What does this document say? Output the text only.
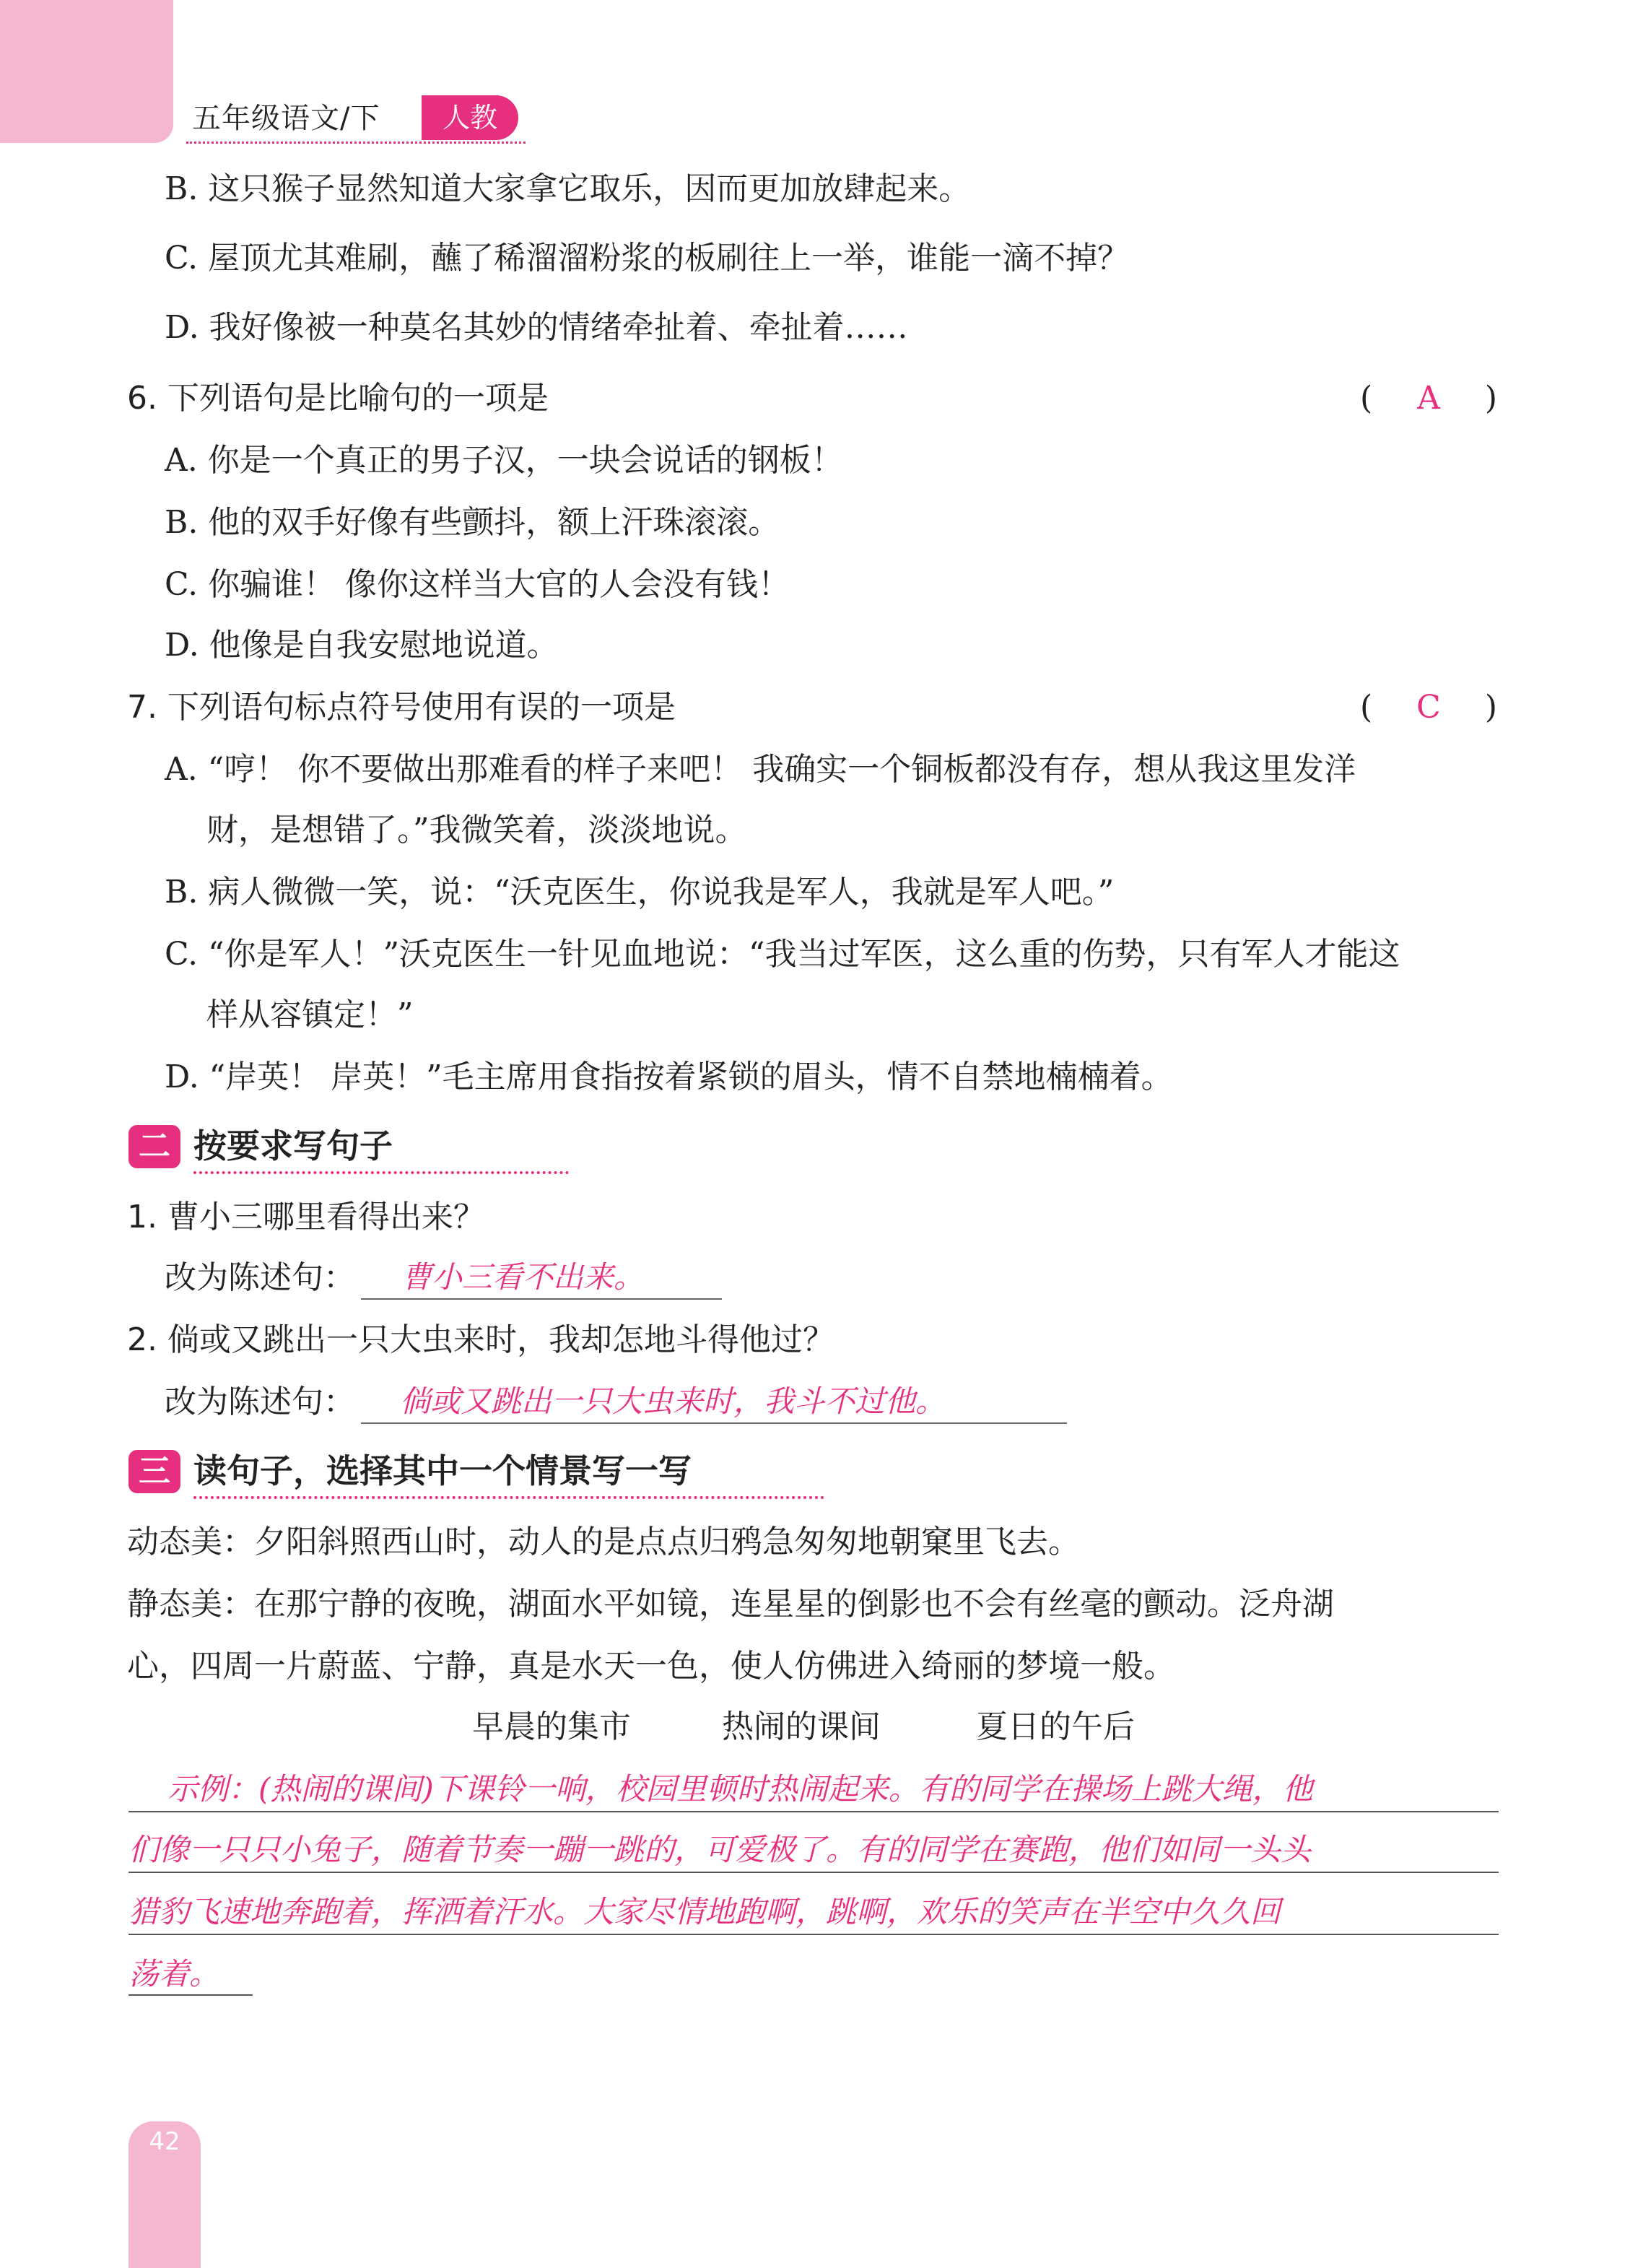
五年级语文/下	人教
B. 这只猴子显然知道大家拿它取乐，因而更加放肆起来。
C. 屋顶尤其难刷，蘸了稀溜溜粉浆的板刷往上一举，谁能一滴不掉？
D. 我好像被一种莫名其妙的情绪牵扯着、牵扯着……
6. 下列语句是比喻句的一项是	( A )
A. 你是一个真正的男子汉，一块会说话的钢板！
B. 他的双手好像有些颤抖，额上汗珠滚滚。
C. 你骗谁！ 像你这样当大官的人会没有钱！
D. 他像是自我安慰地说道。
7. 下列语句标点符号使用有误的一项是	( C )
A. “哼！ 你不要做出那难看的样子来吧！ 我确实一个铜板都没有存，想从我这里发洋
财，是想错了。”我微笑着，淡淡地说。
B. 病人微微一笑，说：“沃克医生，你说我是军人，我就是军人吧。”
C. “你是军人！”沃克医生一针见血地说：“我当过军医，这么重的伤势，只有军人才能这
样从容镇定！”
D. “岸英！ 岸英！”毛主席用食指按着紧锁的眉头，情不自禁地楠楠着。
二 按要求写句子
1. 曹小三哪里看得出来？
改为陈述句： 曹小三看不出来。
2. 倘或又跳出一只大虫来时，我却怎地斗得他过？
改为陈述句： 倘或又跳出一只大虫来时，我斗不过他。
三 读句子，选择其中一个情景写一写
动态美：夕阳斜照西山时，动人的是点点归鸦急匆匆地朝窠里飞去。
静态美：在那宁静的夜晚，湖面水平如镜，连星星的倒影也不会有丝毫的颤动。泛舟湖
心，四周一片蔚蓝、宁静，真是水天一色，使人仿佛进入绮丽的梦境一般。
早晨的集市	热闹的课间	夏日的午后
示例：(热闹的课间)下课铃一响，校园里顿时热闹起来。有的同学在操场上跳大绳，他
们像一只只小兔子，随着节奏一蹦一跳的，可爱极了。有的同学在赛跑，他们如同一头头
猎豹飞速地奔跑着，挥洒着汗水。大家尽情地跑啊，跳啊，欢乐的笑声在半空中久久回
荡着。
42
